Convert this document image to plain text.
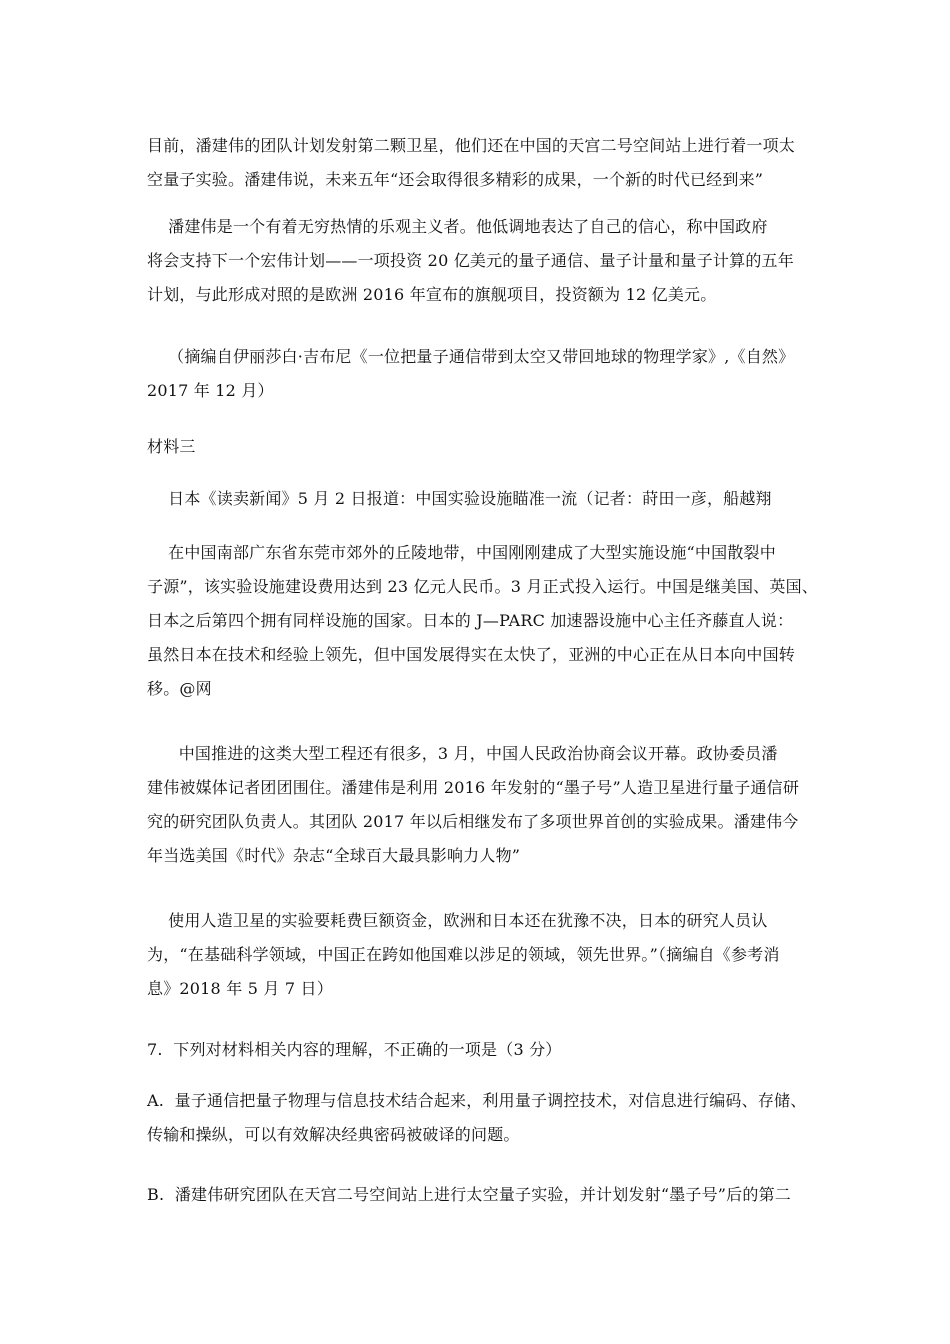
目前，潘建伟的团队计划发射第二颗卫星，他们还在中国的天宫二号空间站上进行着一项太
空量子实验。潘建伟说，未来五年“还会取得很多精彩的成果，一个新的时代已经到来”
潘建伟是一个有着无穷热情的乐观主义者。他低调地表达了自己的信心，称中国政府
将会支持下一个宏伟计划——一项投资 20 亿美元的量子通信、量子计量和量子计算的五年
计划，与此形成对照的是欧洲 2016 年宣布的旗舰项目，投资额为 12 亿美元。
（摘编自伊丽莎白·吉布尼《一位把量子通信带到太空又带回地球的物理学家》,《自然》
2017 年 12 月）
材料三
日本《读卖新闻》5 月 2 日报道：中国实验设施瞄准一流（记者：莳田一彦，船越翔
在中国南部广东省东莞市郊外的丘陵地带，中国刚刚建成了大型实施设施“中国散裂中
子源”，该实验设施建设费用达到 23 亿元人民币。3 月正式投入运行。中国是继美国、英国、
日本之后第四个拥有同样设施的国家。日本的 J—PARC 加速器设施中心主任齐藤直人说：
虽然日本在技术和经验上领先，但中国发展得实在太快了，亚洲的中心正在从日本向中国转
移。@网
中国推进的这类大型工程还有很多，3 月，中国人民政治协商会议开幕。政协委员潘
建伟被媒体记者团团围住。潘建伟是利用 2016 年发射的“墨子号”人造卫星进行量子通信研
究的研究团队负责人。其团队 2017 年以后相继发布了多项世界首创的实验成果。潘建伟今
年当选美国《时代》杂志“全球百大最具影响力人物”
使用人造卫星的实验要耗费巨额资金，欧洲和日本还在犹豫不决，日本的研究人员认
为，“在基础科学领域，中国正在跨如他国难以涉足的领域，领先世界。”（摘编自《参考消
息》2018 年 5 月 7 日）
7.  下列对材料相关内容的理解，不正确的一项是（3 分）
A.  量子通信把量子物理与信息技术结合起来，利用量子调控技术，对信息进行编码、存储、
传输和操纵，可以有效解决经典密码被破译的问题。
B.  潘建伟研究团队在天宫二号空间站上进行太空量子实验，并计划发射“墨子号”后的第二
